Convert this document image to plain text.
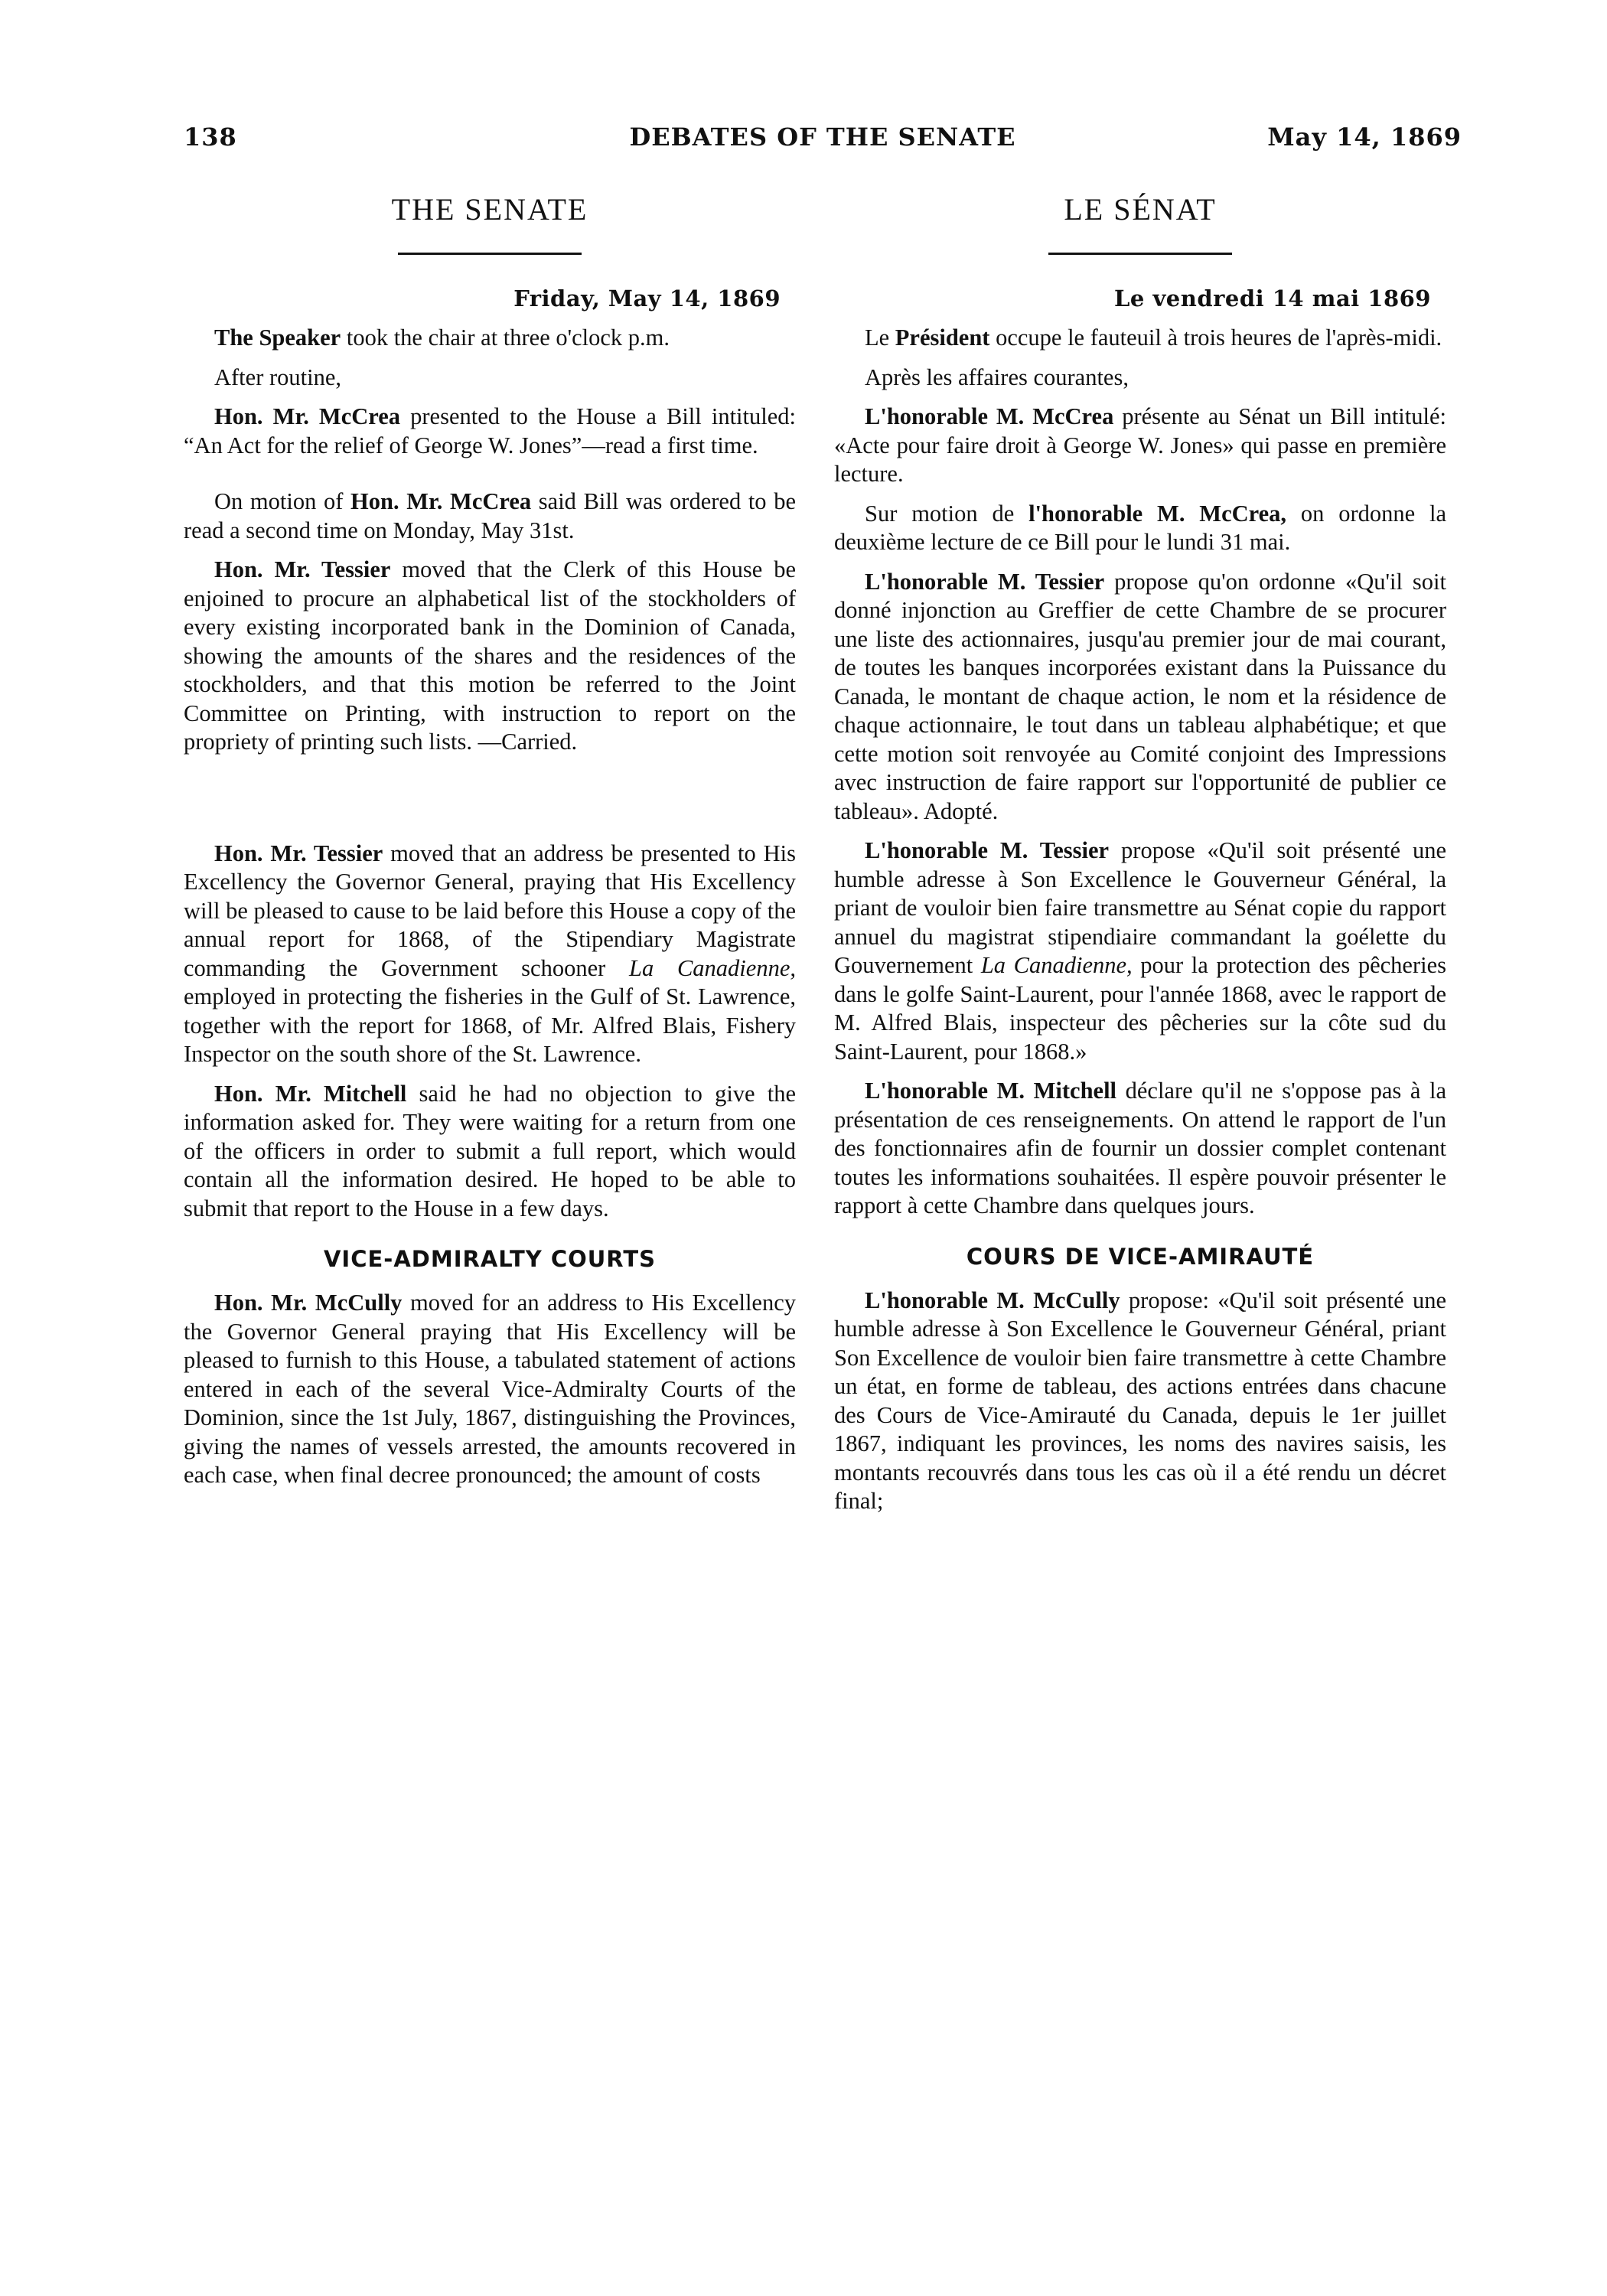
138	DEBATES OF THE SENATE	May 14, 1869
THE SENATE
Friday, May 14, 1869

The Speaker took the chair at three o'clock p.m.

After routine,

Hon. Mr. McCrea presented to the House a Bill intituled: “An Act for the relief of George W. Jones”—read a first time.

On motion of Hon. Mr. McCrea said Bill was ordered to be read a second time on Monday, May 31st.

Hon. Mr. Tessier moved that the Clerk of this House be enjoined to procure an alphabetical list of the stockholders of every existing incorporated bank in the Dominion of Canada, showing the amounts of the shares and the residences of the stockholders, and that this motion be referred to the Joint Committee on Printing, with instruction to report on the propriety of printing such lists. —Carried.

Hon. Mr. Tessier moved that an address be presented to His Excellency the Governor General, praying that His Excellency will be pleased to cause to be laid before this House a copy of the annual report for 1868, of the Stipendiary Magistrate commanding the Government schooner La Canadienne, employed in protecting the fisheries in the Gulf of St. Lawrence, together with the report for 1868, of Mr. Alfred Blais, Fishery Inspector on the south shore of the St. Lawrence.

Hon. Mr. Mitchell said he had no objection to give the information asked for. They were waiting for a return from one of the officers in order to submit a full report, which would contain all the information desired. He hoped to be able to submit that report to the House in a few days.

VICE-ADMIRALTY COURTS

Hon. Mr. McCully moved for an address to His Excellency the Governor General praying that His Excellency will be pleased to furnish to this House, a tabulated statement of actions entered in each of the several Vice-Admiralty Courts of the Dominion, since the 1st July, 1867, distinguishing the Provinces, giving the names of vessels arrested, the amounts recovered in each case, when final decree pronounced; the amount of costs

LE SÉNAT
Le vendredi 14 mai 1869

Le Président occupe le fauteuil à trois heures de l'après-midi.

Après les affaires courantes,

L'honorable M. McCrea présente au Sénat un Bill intitulé: «Acte pour faire droit à George W. Jones» qui passe en première lecture.

Sur motion de l'honorable M. McCrea, on ordonne la deuxième lecture de ce Bill pour le lundi 31 mai.

L'honorable M. Tessier propose qu'on ordonne «Qu'il soit donné injonction au Greffier de cette Chambre de se procurer une liste des actionnaires, jusqu'au premier jour de mai courant, de toutes les banques incorporées existant dans la Puissance du Canada, le montant de chaque action, le nom et la résidence de chaque actionnaire, le tout dans un tableau alphabétique; et que cette motion soit renvoyée au Comité conjoint des Impressions avec instruction de faire rapport sur l'opportunité de publier ce tableau». Adopté.

L'honorable M. Tessier propose «Qu'il soit présenté une humble adresse à Son Excellence le Gouverneur Général, la priant de vouloir bien faire transmettre au Sénat copie du rapport annuel du magistrat stipendiaire commandant la goélette du Gouvernement La Canadienne, pour la protection des pêcheries dans le golfe Saint-Laurent, pour l'année 1868, avec le rapport de M. Alfred Blais, inspecteur des pêcheries sur la côte sud du Saint-Laurent, pour 1868.»

L'honorable M. Mitchell déclare qu'il ne s'oppose pas à la présentation de ces renseignements. On attend le rapport de l'un des fonctionnaires afin de fournir un dossier complet contenant toutes les informations souhaitées. Il espère pouvoir présenter le rapport à cette Chambre dans quelques jours.

COURS DE VICE-AMIRAUTÉ

L'honorable M. McCully propose: «Qu'il soit présenté une humble adresse à Son Excellence le Gouverneur Général, priant Son Excellence de vouloir bien faire transmettre à cette Chambre un état, en forme de tableau, des actions entrées dans chacune des Cours de Vice-Amirauté du Canada, depuis le 1er juillet 1867, indiquant les provinces, les noms des navires saisis, les montants recouvrés dans tous les cas où il a été rendu un décret final;
